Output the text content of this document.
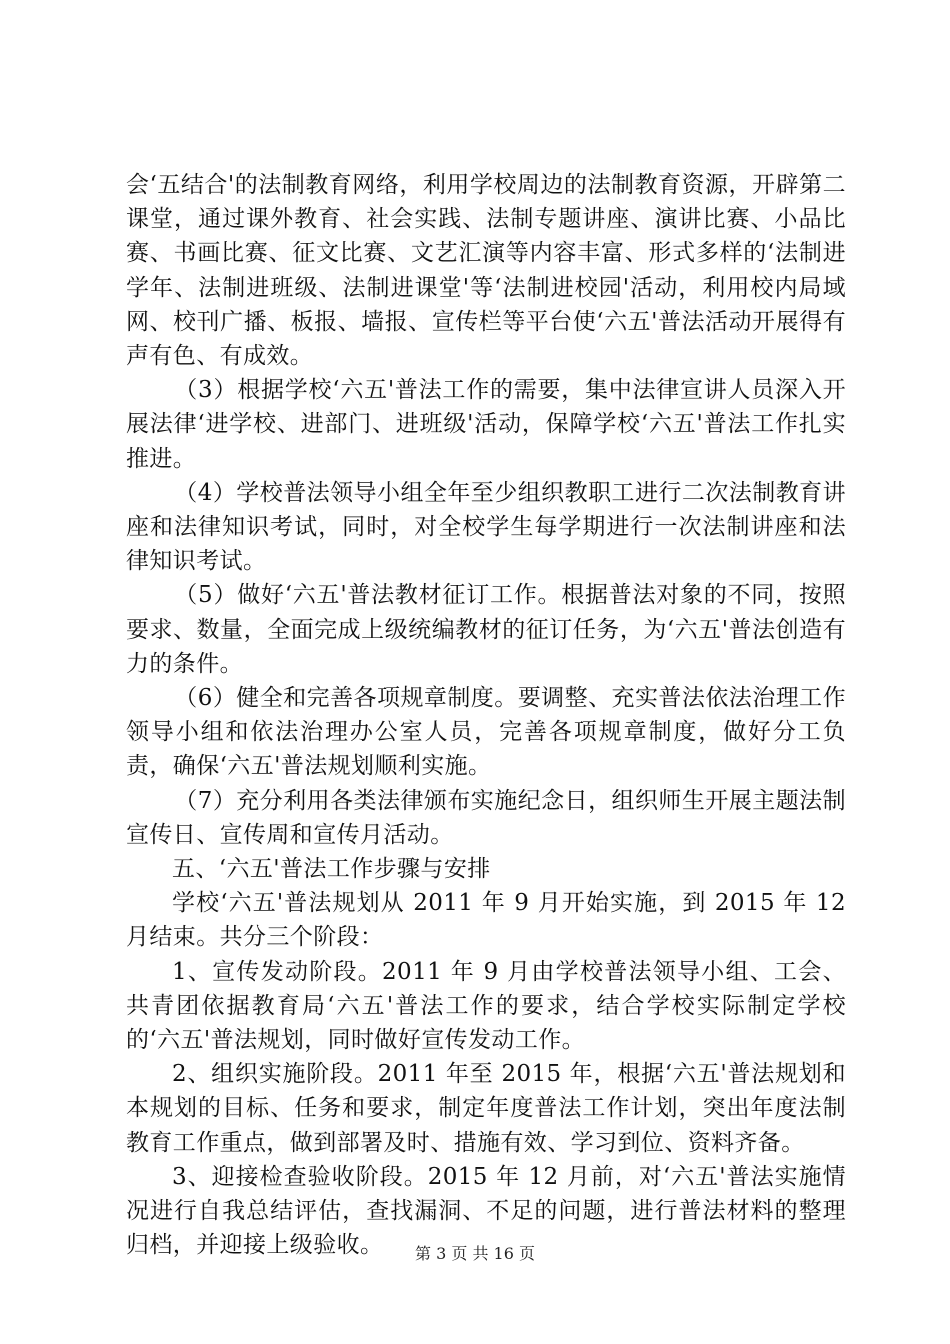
会‘五结合'的法制教育网络，利用学校周边的法制教育资源，开辟第二课堂，通过课外教育、社会实践、法制专题讲座、演讲比赛、小品比赛、书画比赛、征文比赛、文艺汇演等内容丰富、形式多样的‘法制进学年、法制进班级、法制进课堂'等‘法制进校园'活动，利用校内局域网、校刊广播、板报、墙报、宣传栏等平台使‘六五'普法活动开展得有声有色、有成效。

（3）根据学校‘六五'普法工作的需要，集中法律宣讲人员深入开展法律‘进学校、进部门、进班级'活动，保障学校‘六五'普法工作扎实推进。

（4）学校普法领导小组全年至少组织教职工进行二次法制教育讲座和法律知识考试，同时，对全校学生每学期进行一次法制讲座和法律知识考试。

（5）做好‘六五'普法教材征订工作。根据普法对象的不同，按照要求、数量，全面完成上级统编教材的征订任务，为‘六五'普法创造有力的条件。

（6）健全和完善各项规章制度。要调整、充实普法依法治理工作领导小组和依法治理办公室人员，完善各项规章制度，做好分工负责，确保‘六五'普法规划顺利实施。

（7）充分利用各类法律颁布实施纪念日，组织师生开展主题法制宣传日、宣传周和宣传月活动。

五、‘六五'普法工作步骤与安排

学校‘六五'普法规划从 2011 年 9 月开始实施，到 2015 年 12 月结束。共分三个阶段：

1、宣传发动阶段。2011 年 9 月由学校普法领导小组、工会、共青团依据教育局‘六五'普法工作的要求，结合学校实际制定学校的‘六五'普法规划，同时做好宣传发动工作。

2、组织实施阶段。2011 年至 2015 年，根据‘六五'普法规划和本规划的目标、任务和要求，制定年度普法工作计划，突出年度法制教育工作重点，做到部署及时、措施有效、学习到位、资料齐备。

3、迎接检查验收阶段。2015 年 12 月前，对‘六五'普法实施情况进行自我总结评估，查找漏洞、不足的问题，进行普法材料的整理归档，并迎接上级验收。	第 3 页 共 16 页
